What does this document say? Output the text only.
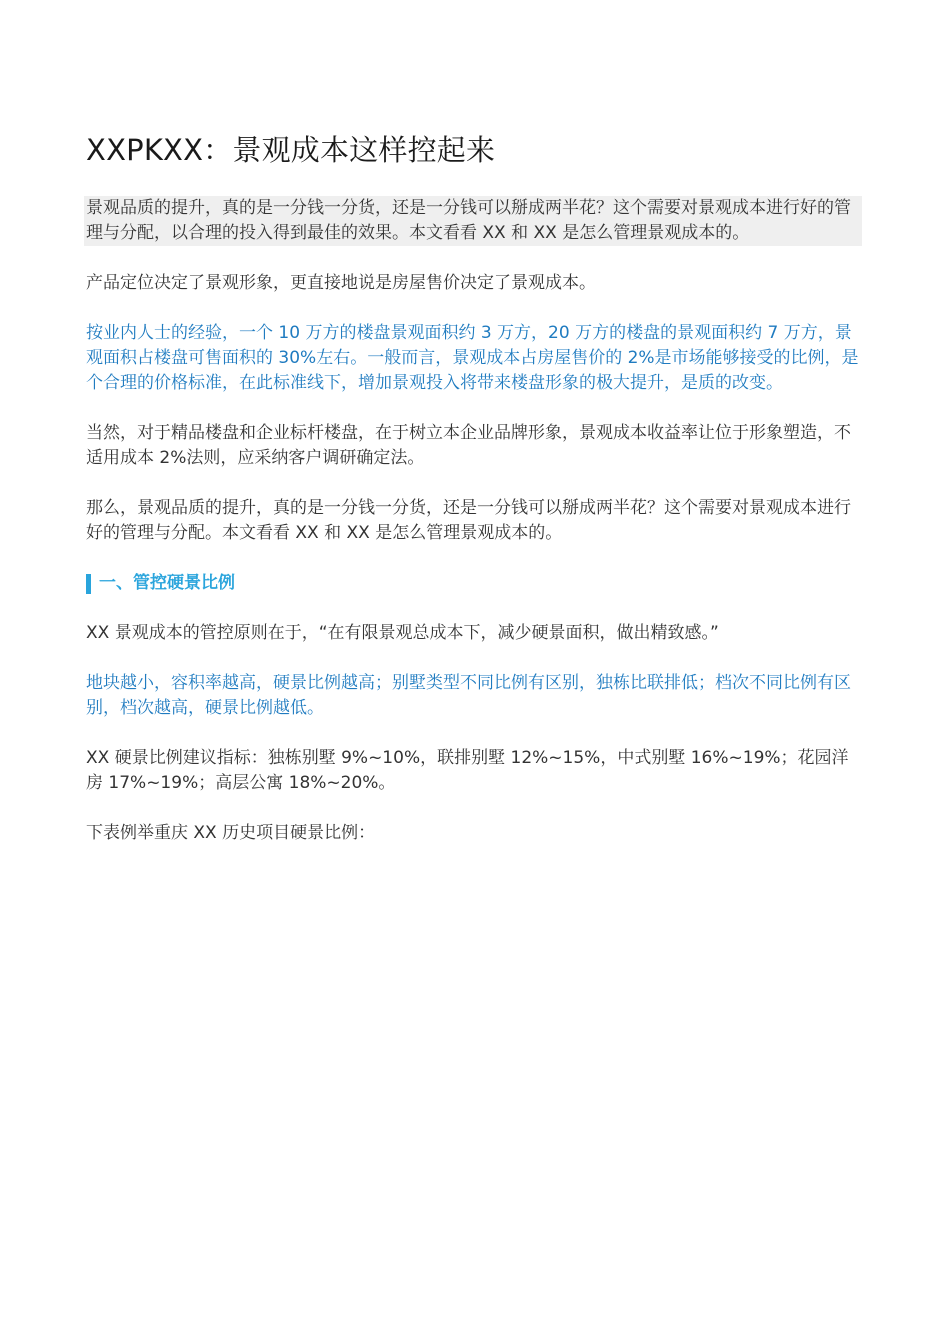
XXPKXX：景观成本这样控起来

景观品质的提升，真的是一分钱一分货，还是一分钱可以掰成两半花？这个需要对景观成本进行好的管理与分配，以合理的投入得到最佳的效果。本文看看 XX 和 XX 是怎么管理景观成本的。

产品定位决定了景观形象，更直接地说是房屋售价决定了景观成本。

按业内人士的经验，一个 10 万方的楼盘景观面积约 3 万方，20 万方的楼盘的景观面积约 7 万方，景观面积占楼盘可售面积的 30%左右。一般而言，景观成本占房屋售价的 2%是市场能够接受的比例，是个合理的价格标准，在此标准线下，增加景观投入将带来楼盘形象的极大提升，是质的改变。

当然，对于精品楼盘和企业标杆楼盘，在于树立本企业品牌形象，景观成本收益率让位于形象塑造，不适用成本 2%法则，应采纳客户调研确定法。

那么，景观品质的提升，真的是一分钱一分货，还是一分钱可以掰成两半花？这个需要对景观成本进行好的管理与分配。本文看看 XX 和 XX 是怎么管理景观成本的。

一、管控硬景比例

XX 景观成本的管控原则在于，“在有限景观总成本下，减少硬景面积，做出精致感。”

地块越小，容积率越高，硬景比例越高；别墅类型不同比例有区别，独栋比联排低；档次不同比例有区别，档次越高，硬景比例越低。

XX 硬景比例建议指标：独栋别墅 9%~10%，联排别墅 12%~15%，中式别墅 16%~19%；花园洋房 17%~19%；高层公寓 18%~20%。

下表例举重庆 XX 历史项目硬景比例：
